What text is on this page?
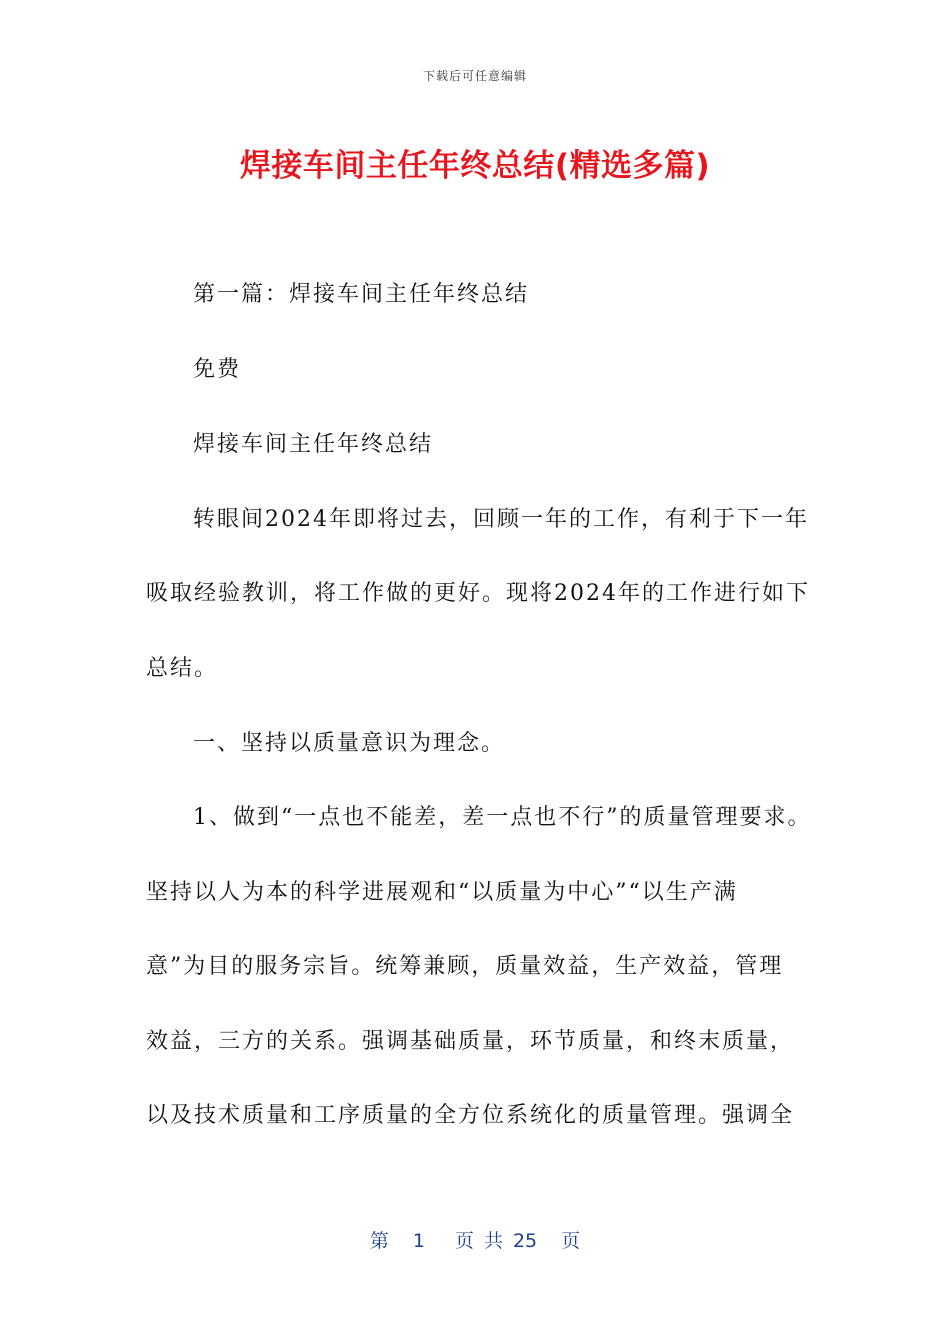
下载后可任意编辑
焊接车间主任年终总结(精选多篇)
第一篇：焊接车间主任年终总结
免费
焊接车间主任年终总结
转眼间2024年即将过去，回顾一年的工作，有利于下一年
吸取经验教训，将工作做的更好。现将2024年的工作进行如下
总结。
一、坚持以质量意识为理念。
1、做到“一点也不能差，差一点也不行”的质量管理要求。
坚持以人为本的科学进展观和“以质量为中心”“以生产满
意”为目的服务宗旨。统筹兼顾，质量效益，生产效益，管理
效益，三方的关系。强调基础质量，环节质量，和终末质量，
以及技术质量和工序质量的全方位系统化的质量管理。强调全
第 1 页 共 25 页
